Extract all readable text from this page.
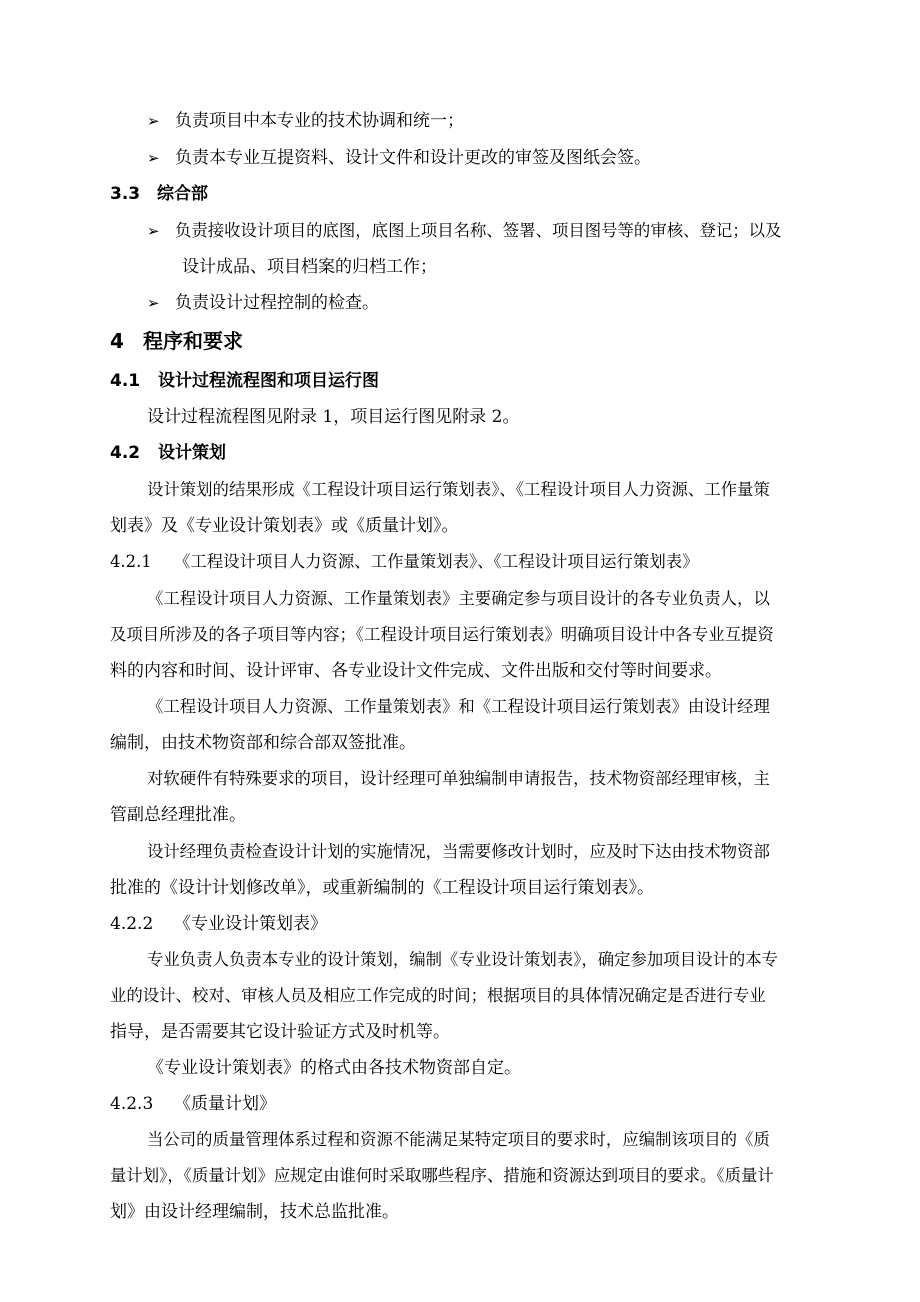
➢ 负责项目中本专业的技术协调和统一；
➢ 负责本专业互提资料、设计文件和设计更改的审签及图纸会签。
3.3 综合部
➢ 负责接收设计项目的底图，底图上项目名称、签署、项目图号等的审核、登记；以及
设计成品、项目档案的归档工作；
➢ 负责设计过程控制的检查。
4 程序和要求
4.1 设计过程流程图和项目运行图
设计过程流程图见附录 1，项目运行图见附录 2。
4.2 设计策划
设计策划的结果形成《工程设计项目运行策划表》、《工程设计项目人力资源、工作量策
划表》及《专业设计策划表》或《质量计划》。
4.2.1 《工程设计项目人力资源、工作量策划表》、《工程设计项目运行策划表》
《工程设计项目人力资源、工作量策划表》主要确定参与项目设计的各专业负责人，以
及项目所涉及的各子项目等内容；《工程设计项目运行策划表》明确项目设计中各专业互提资
料的内容和时间、设计评审、各专业设计文件完成、文件出版和交付等时间要求。
《工程设计项目人力资源、工作量策划表》和《工程设计项目运行策划表》由设计经理
编制，由技术物资部和综合部双签批准。
对软硬件有特殊要求的项目，设计经理可单独编制申请报告，技术物资部经理审核，主
管副总经理批准。
设计经理负责检查设计计划的实施情况，当需要修改计划时，应及时下达由技术物资部
批准的《设计计划修改单》，或重新编制的《工程设计项目运行策划表》。
4.2.2 《专业设计策划表》
专业负责人负责本专业的设计策划，编制《专业设计策划表》，确定参加项目设计的本专
业的设计、校对、审核人员及相应工作完成的时间；根据项目的具体情况确定是否进行专业
指导，是否需要其它设计验证方式及时机等。
《专业设计策划表》的格式由各技术物资部自定。
4.2.3 《质量计划》
当公司的质量管理体系过程和资源不能满足某特定项目的要求时，应编制该项目的《质
量计划》，《质量计划》应规定由谁何时采取哪些程序、措施和资源达到项目的要求。《质量计
划》由设计经理编制，技术总监批准。
